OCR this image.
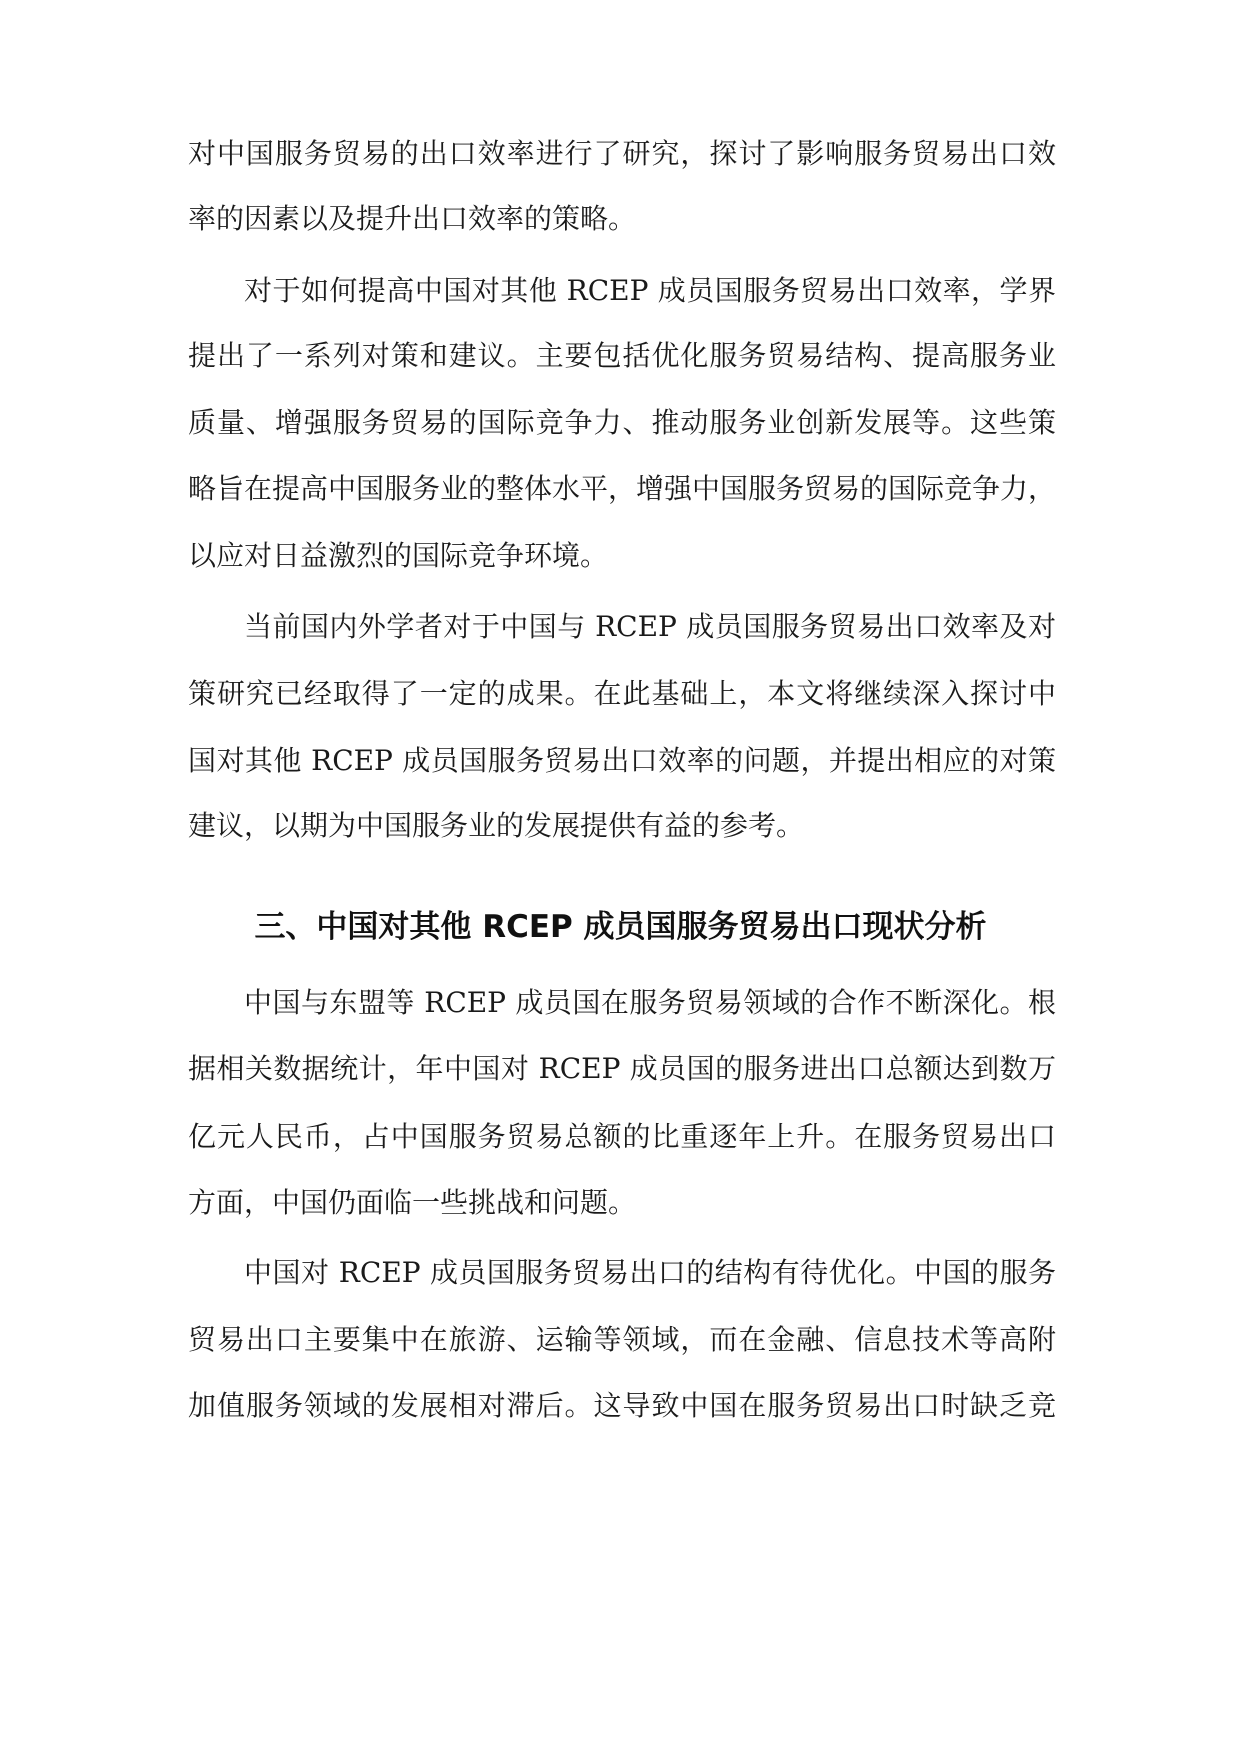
对中国服务贸易的出口效率进行了研究，探讨了影响服务贸易出口效
率的因素以及提升出口效率的策略。
对于如何提高中国对其他 RCEP 成员国服务贸易出口效率，学界
提出了一系列对策和建议。主要包括优化服务贸易结构、提高服务业
质量、增强服务贸易的国际竞争力、推动服务业创新发展等。这些策
略旨在提高中国服务业的整体水平，增强中国服务贸易的国际竞争力，
以应对日益激烈的国际竞争环境。
当前国内外学者对于中国与 RCEP 成员国服务贸易出口效率及对
策研究已经取得了一定的成果。在此基础上，本文将继续深入探讨中
国对其他 RCEP 成员国服务贸易出口效率的问题，并提出相应的对策
建议，以期为中国服务业的发展提供有益的参考。
三、中国对其他 RCEP 成员国服务贸易出口现状分析
中国与东盟等 RCEP 成员国在服务贸易领域的合作不断深化。根
据相关数据统计，年中国对 RCEP 成员国的服务进出口总额达到数万
亿元人民币，占中国服务贸易总额的比重逐年上升。在服务贸易出口
方面，中国仍面临一些挑战和问题。
中国对 RCEP 成员国服务贸易出口的结构有待优化。中国的服务
贸易出口主要集中在旅游、运输等领域，而在金融、信息技术等高附
加值服务领域的发展相对滞后。这导致中国在服务贸易出口时缺乏竞
